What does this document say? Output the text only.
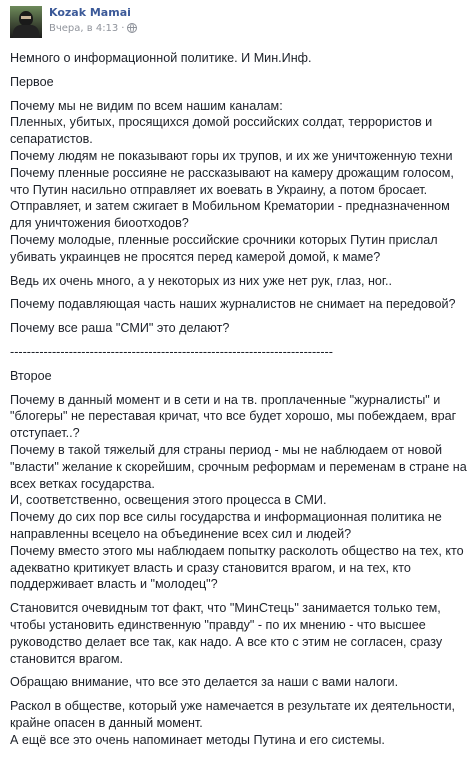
Kozak Mamai
Вчера, в 4:13 ·
Немного о информационной политике. И Мин.Инф.
Первое
Почему мы не видим по всем нашим каналам:
Пленных, убитых, просящихся домой российских солдат, террористов и
сепаратистов.
Почему людям не показывают горы их трупов, и их же уничтоженную техни
Почему пленные россияне не рассказывают на камеру дрожащим голосом,
что Путин насильно отправляет их воевать в Украину, а потом бросает.
Отправляет, и затем сжигает в Мобильном Крематории - предназначенном
для уничтожения биоотходов?
Почему молодые, пленные российские срочники которых Путин прислал
убивать украинцев не просятся перед камерой домой, к маме?
Ведь их очень много, а у некоторых из них уже нет рук, глаз, ног..
Почему подавляющая часть наших журналистов не снимает на передовой?
Почему все раша "СМИ" это делают?
-----------------------------------------------------------------------------
Второе
Почему в данный момент и в сети и на тв. проплаченные "журналисты" и
"блогеры" не переставая кричат, что все будет хорошо, мы побеждаем, враг
отступает..?
Почему в такой тяжелый для страны период - мы не наблюдаем от новой
"власти" желание к скорейшим, срочным реформам и переменам в стране на
всех ветках государства.
И, соответственно, освещения этого процесса в СМИ.
Почему до сих пор все силы государства и информационная политика не
направленны всецело на объединение всех сил и людей?
Почему вместо этого мы наблюдаем попытку расколоть общество на тех, кто
адекватно критикует власть и сразу становится врагом, и на тех, кто
поддерживает власть и "молодец"?
Становится очевидным тот факт, что "МинСтець" занимается только тем,
чтобы установить единственную "правду" - по их мнению - что высшее
руководство делает все так, как надо. А все кто с этим не согласен, сразу
становится врагом.
Обращаю внимание, что все это делается за наши с вами налоги.
Раскол в обществе, который уже намечается в результате их деятельности,
крайне опасен в данный момент.
А ещё все это очень напоминает методы Путина и его системы.
